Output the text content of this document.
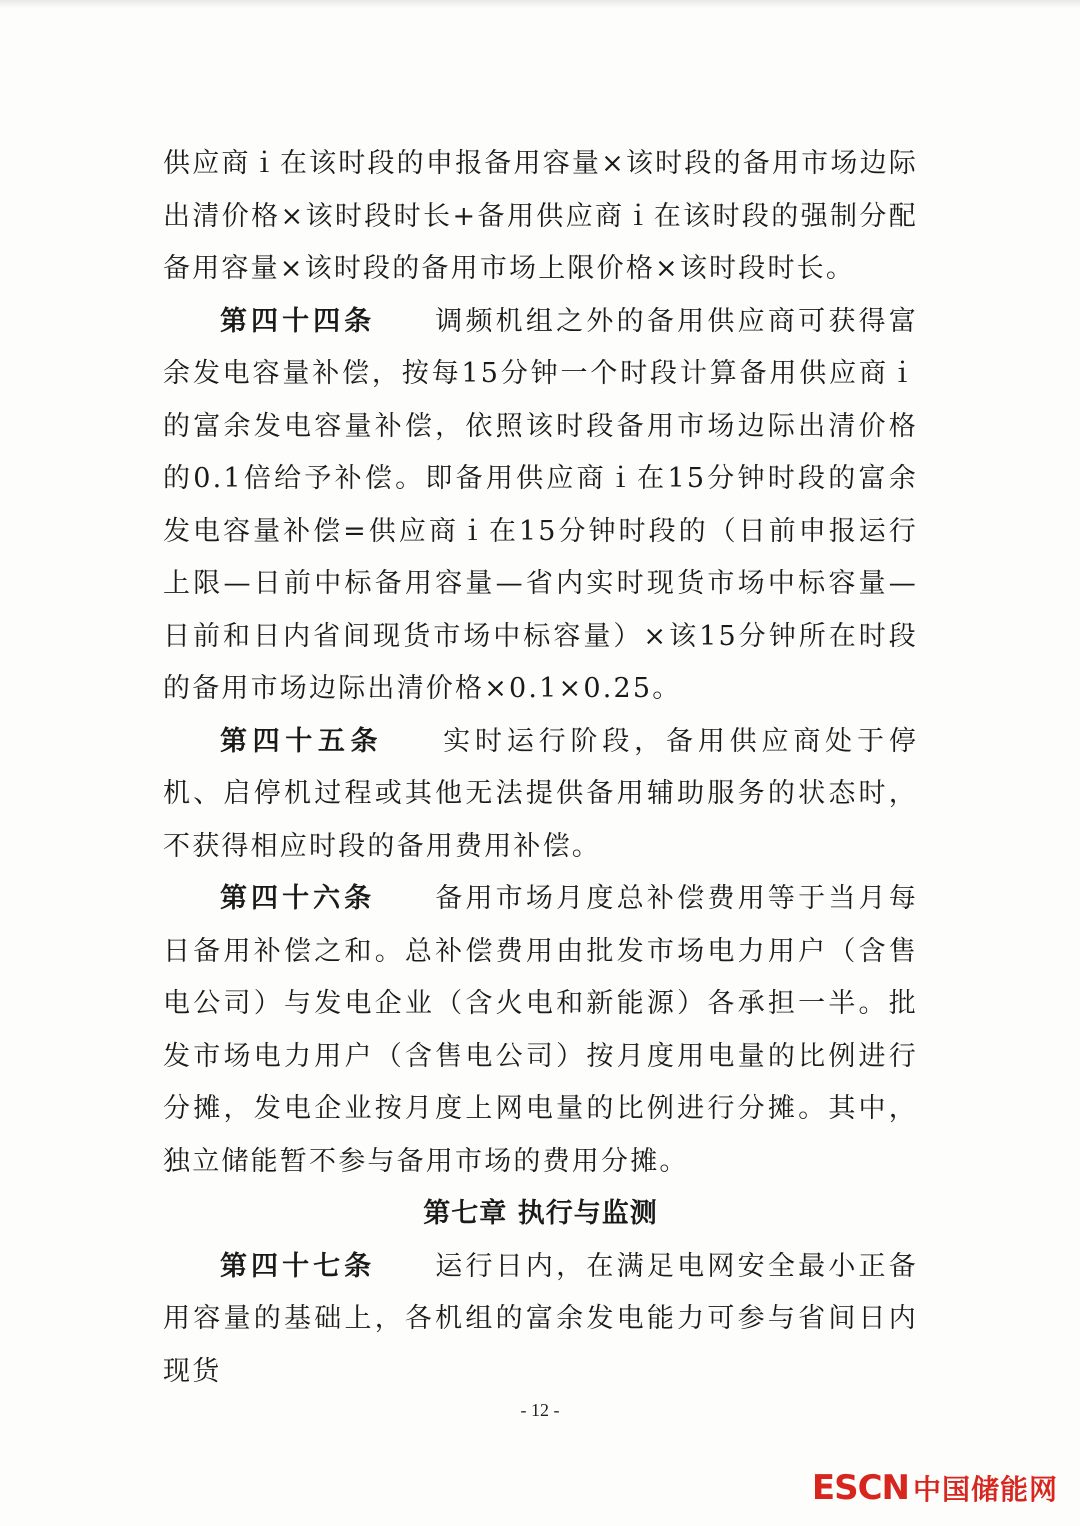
供应商ｉ在该时段的申报备用容量×该时段的备用市场边际出清价格×该时段时长+备用供应商ｉ在该时段的强制分配备用容量×该时段的备用市场上限价格×该时段时长。

第四十四条 调频机组之外的备用供应商可获得富余发电容量补偿，按每15分钟一个时段计算备用供应商ｉ的富余发电容量补偿，依照该时段备用市场边际出清价格的0.1倍给予补偿。即备用供应商ｉ在15分钟时段的富余发电容量补偿=供应商ｉ在15分钟时段的（日前申报运行上限—日前中标备用容量—省内实时现货市场中标容量—日前和日内省间现货市场中标容量）×该15分钟所在时段的备用市场边际出清价格×0.1×0.25。

第四十五条 实时运行阶段，备用供应商处于停机、启停机过程或其他无法提供备用辅助服务的状态时，不获得相应时段的备用费用补偿。

第四十六条 备用市场月度总补偿费用等于当月每日备用补偿之和。总补偿费用由批发市场电力用户（含售电公司）与发电企业（含火电和新能源）各承担一半。批发市场电力用户（含售电公司）按月度用电量的比例进行分摊，发电企业按月度上网电量的比例进行分摊。其中，独立储能暂不参与备用市场的费用分摊。

第七章 执行与监测

第四十七条 运行日内，在满足电网安全最小正备用容量的基础上，各机组的富余发电能力可参与省间日内现货

- 12 -
ESCN 中国储能网
